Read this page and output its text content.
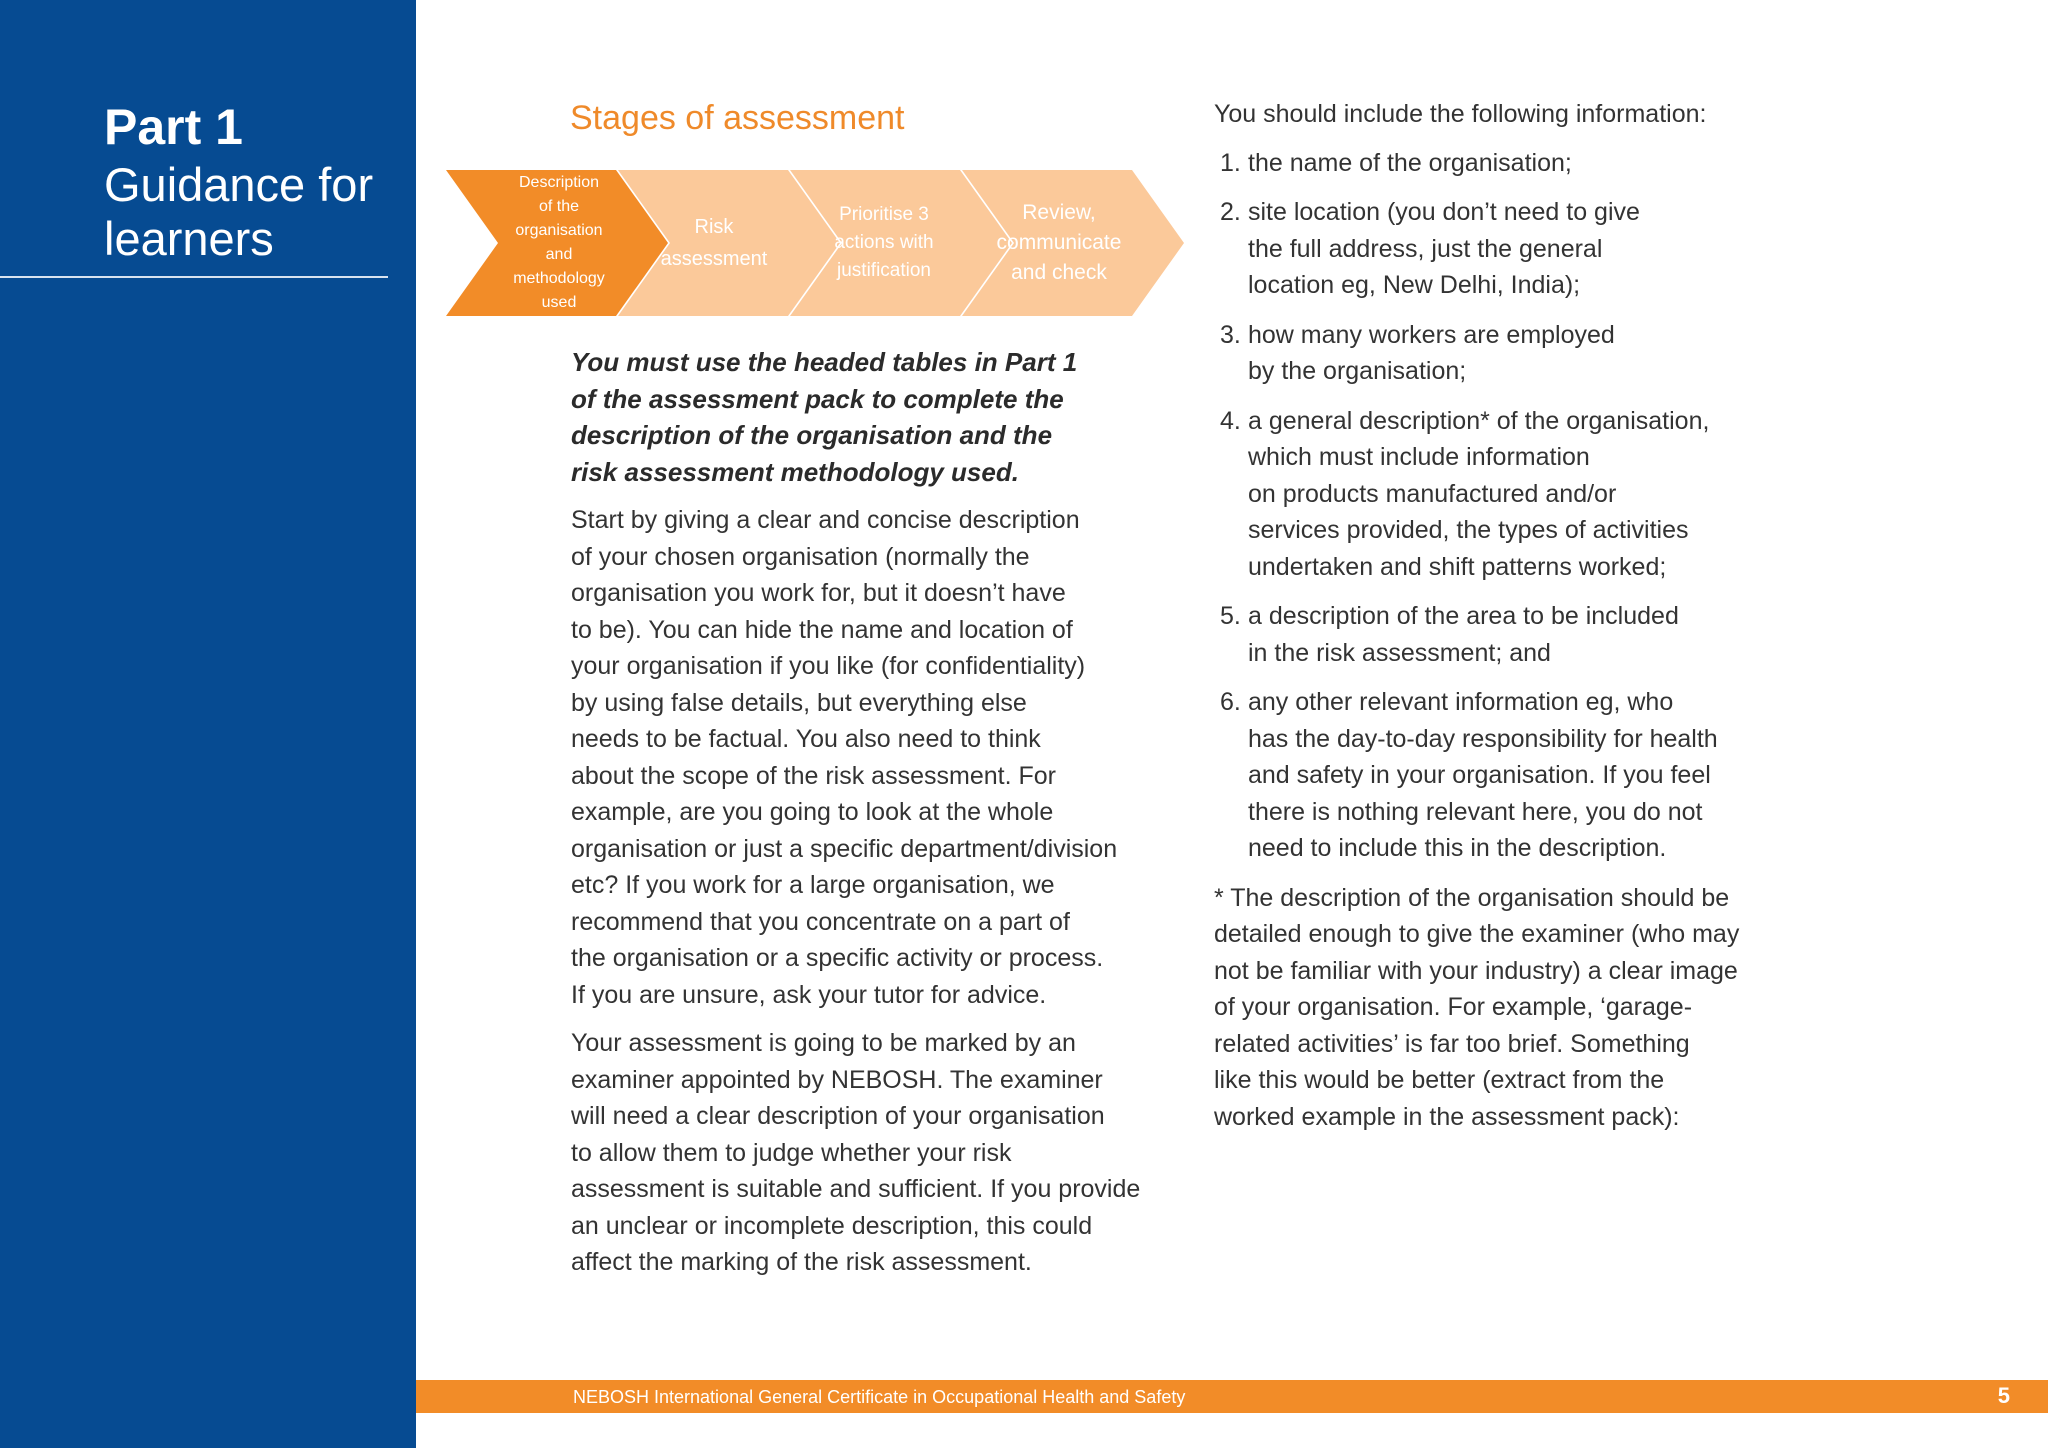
Part 1
Guidance for
learners
Stages of assessment
Description
of the
organisation
and methodology
used
Risk
assessment
Prioritise 3
actions with
justification
Review,
communicate
and check

You must use the headed tables in Part 1
of the assessment pack to complete the
description of the organisation and the
risk assessment methodology used.

Start by giving a clear and concise description
of your chosen organisation (normally the
organisation you work for, but it doesn’t have
to be). You can hide the name and location of
your organisation if you like (for confidentiality)
by using false details, but everything else
needs to be factual. You also need to think
about the scope of the risk assessment. For
example, are you going to look at the whole
organisation or just a specific department/division
etc? If you work for a large organisation, we
recommend that you concentrate on a part of
the organisation or a specific activity or process.
If you are unsure, ask your tutor for advice.

Your assessment is going to be marked by an
examiner appointed by NEBOSH. The examiner
will need a clear description of your organisation
to allow them to judge whether your risk
assessment is suitable and sufficient. If you provide
an unclear or incomplete description, this could
affect the marking of the risk assessment.

You should include the following information:

1. the name of the organisation;
2. site location (you don’t need to give
the full address, just the general
location eg, New Delhi, India);
3. how many workers are employed
by the organisation;
4. a general description* of the organisation,
which must include information
on products manufactured and/or
services provided, the types of activities
undertaken and shift patterns worked;
5. a description of the area to be included
in the risk assessment; and
6. any other relevant information eg, who
has the day-to-day responsibility for health
and safety in your organisation. If you feel
there is nothing relevant here, you do not
need to include this in the description.

* The description of the organisation should be
detailed enough to give the examiner (who may
not be familiar with your industry) a clear image
of your organisation. For example, ‘garage-
related activities’ is far too brief. Something
like this would be better (extract from the
worked example in the assessment pack):

NEBOSH International General Certificate in Occupational Health and Safety	5
